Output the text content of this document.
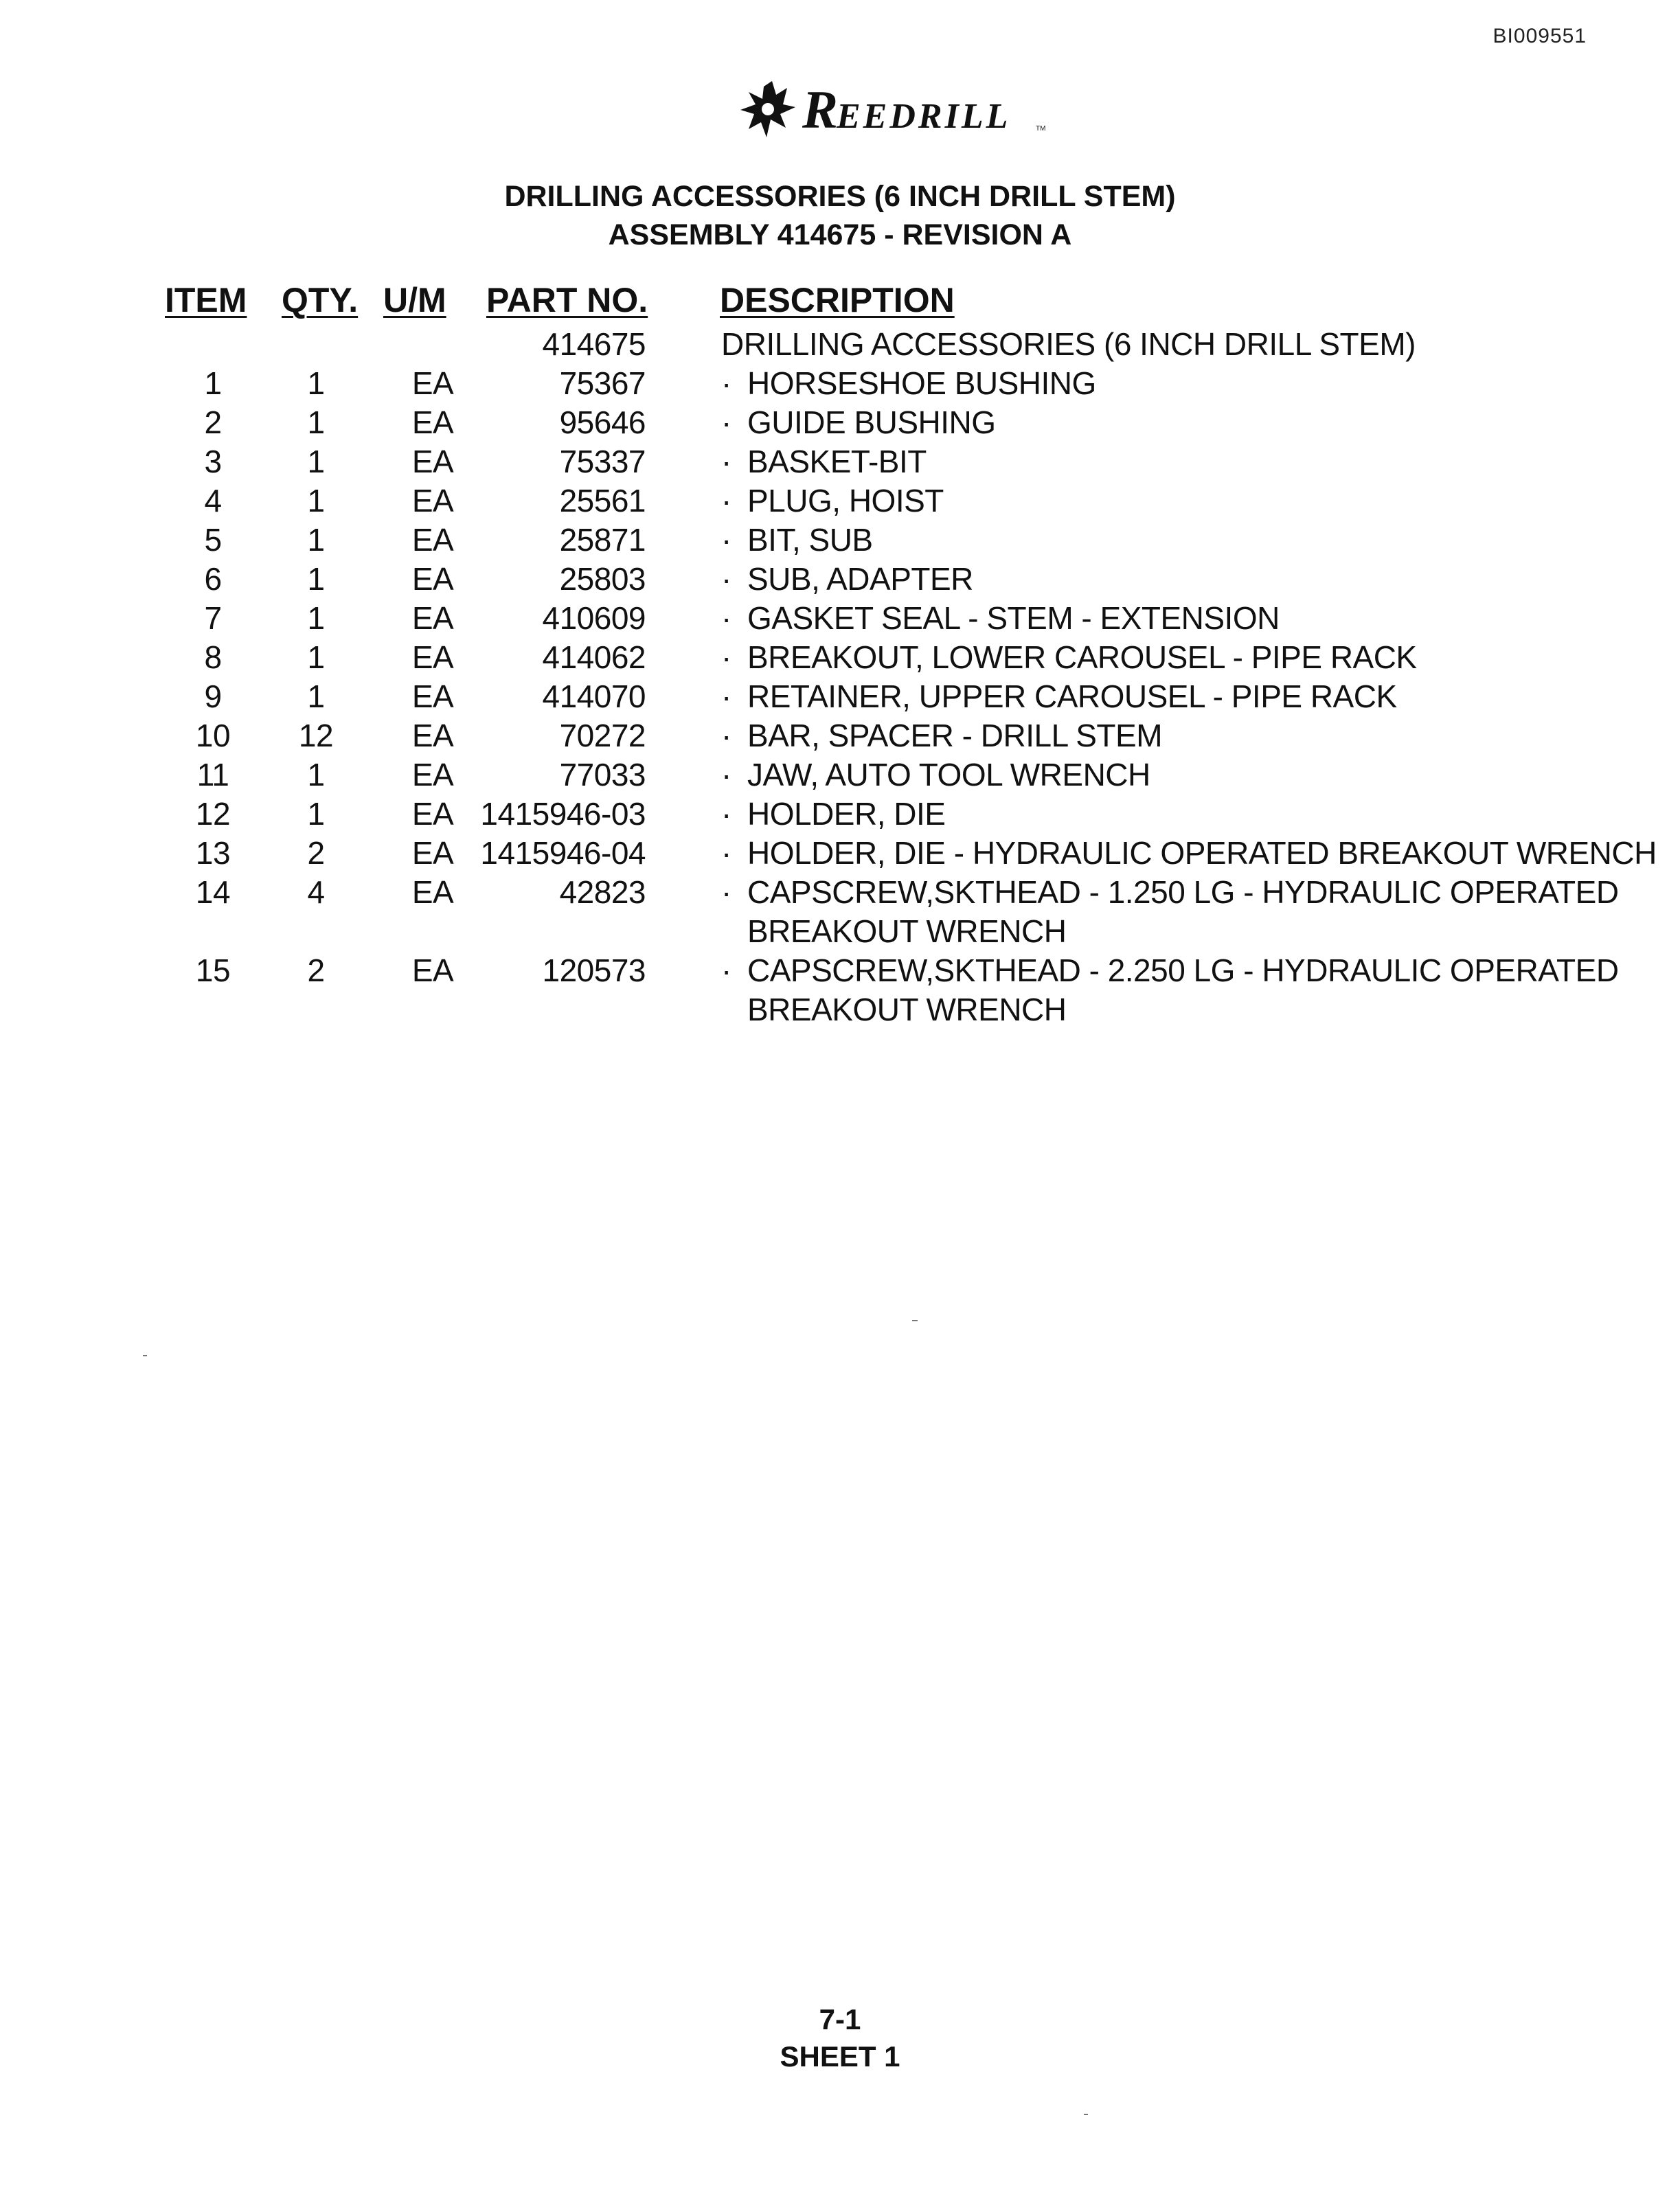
BI009551
R
EEDRILL	TM
DRILLING ACCESSORIES (6 INCH DRILL STEM)
ASSEMBLY 414675 - REVISION A
ITEM QTY. U/M PART NO. DESCRIPTION
414675 DRILLING ACCESSORIES (6 INCH DRILL STEM)
1	1	EA	75367 · HORSESHOE BUSHING
2	1	EA	95646 · GUIDE BUSHING
3	1	EA	75337 · BASKET-BIT
4	1	EA	25561 · PLUG, HOIST
5	1	EA	25871 · BIT, SUB
6	1	EA	25803 · SUB, ADAPTER
7	1	EA	410609 · GASKET SEAL - STEM - EXTENSION
8	1	EA	414062 · BREAKOUT, LOWER CAROUSEL - PIPE RACK
9	1	EA	414070 · RETAINER, UPPER CAROUSEL - PIPE RACK
10	12	EA	70272 · BAR, SPACER - DRILL STEM
11	1	EA	77033 · JAW, AUTO TOOL WRENCH
12	1	EA 1415946-03 · HOLDER, DIE
13	2	EA 1415946-04 · HOLDER, DIE - HYDRAULIC OPERATED BREAKOUT WRENCH
14	4	EA	42823 · CAPSCREW,SKTHEAD - 1.250 LG - HYDRAULIC OPERATED
BREAKOUT WRENCH
15	2	EA	120573 · CAPSCREW,SKTHEAD - 2.250 LG - HYDRAULIC OPERATED
BREAKOUT WRENCH
7-1
SHEET 1
